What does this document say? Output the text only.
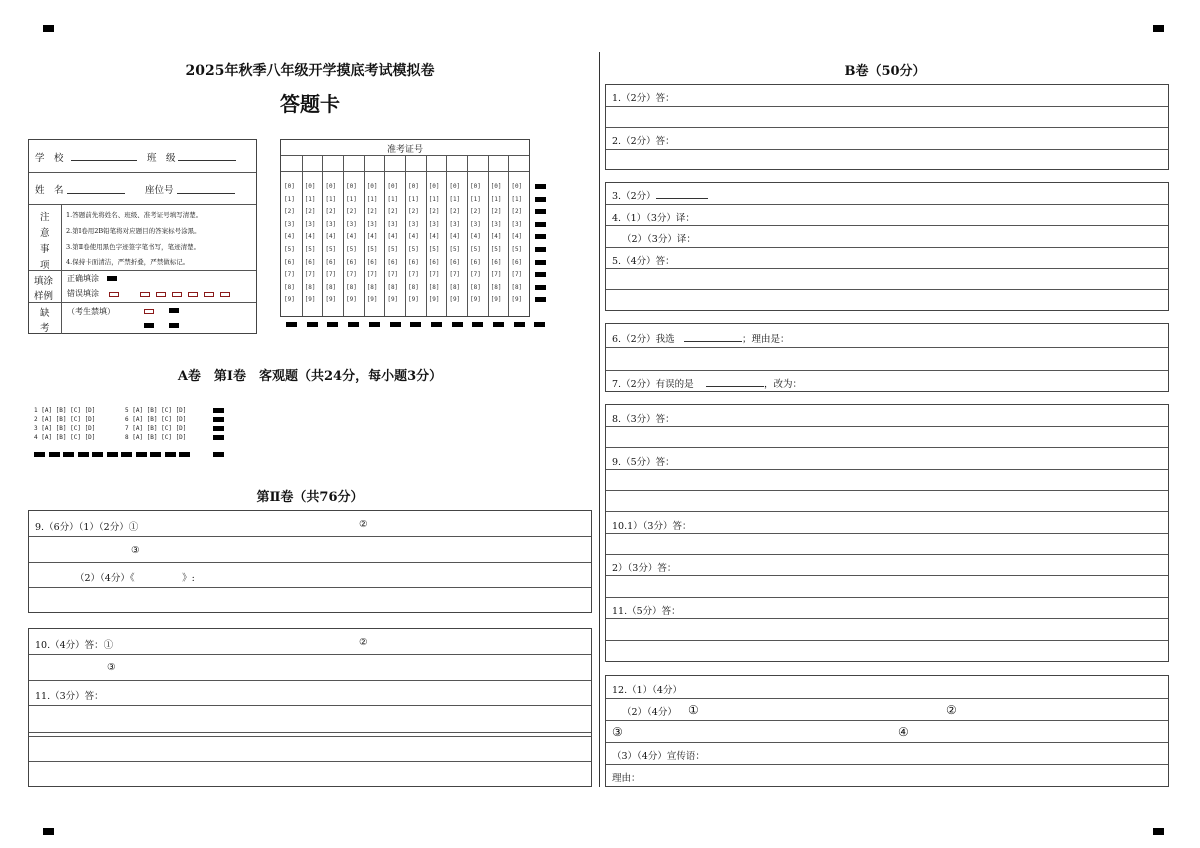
2025年秋季八年级开学摸底考试模拟卷
答题卡
学　校	班　级
姓　名	座位号
注
意
事
项
1.答题前先将姓名、班级、准考证号填写清楚。
2.第Ⅰ卷用2B铅笔将对应题目的答案标号涂黑。
3.第Ⅱ卷使用黑色字迹签字笔书写，笔迹清楚。
4.保持卡面清洁，严禁折叠，严禁做标记。
填涂
样例
正确填涂
错误填涂
缺
考
（考生禁填）
准考证号
[0] [0] [0] [0] [0] [0] [0] [0] [0] [0] [0] [0]
[1] [1] [1] [1] [1] [1] [1] [1] [1] [1] [1] [1]
[2] [2] [2] [2] [2] [2] [2] [2] [2] [2] [2] [2]
[3] [3] [3] [3] [3] [3] [3] [3] [3] [3] [3] [3]
[4] [4] [4] [4] [4] [4] [4] [4] [4] [4] [4] [4]
[5] [5] [5] [5] [5] [5] [5] [5] [5] [5] [5] [5]
[6] [6] [6] [6] [6] [6] [6] [6] [6] [6] [6] [6]
[7] [7] [7] [7] [7] [7] [7] [7] [7] [7] [7] [7]
[8] [8] [8] [8] [8] [8] [8] [8] [8] [8] [8] [8]
[9] [9] [9] [9] [9] [9] [9] [9] [9] [9] [9] [9]
A卷　第Ⅰ卷　客观题（共24分，每小题3分）
第Ⅱ卷（共76分）
9.（6分）（1）（2分）①	②
③
（2）（4分）《　　　　　》:
10.（4分）答：①	②
③
11.（3分）答：
B卷（50分）
1.（2分）答：
2.（2分）答：
3.（2分）
4.（1）（3分）译：
（2）（3分）译：
5.（4分）答：
6.（2分）我选	；理由是：
7.（2分）有误的是	，改为：
8.（3分）答：
9.（5分）答：
10.1）（3分）答：
2）（3分）答：
11.（5分）答：
12.（1）（4分）
（2）（4分） ①	②
③	④
（3）（4分）宣传语：
理由：
1 [A] [B] [C] [D]
2 [A] [B] [C] [D]
3 [A] [B] [C] [D]
4 [A] [B] [C] [D]
5 [A] [B] [C] [D]
6 [A] [B] [C] [D]
7 [A] [B] [C] [D]
8 [A] [B] [C] [D]
